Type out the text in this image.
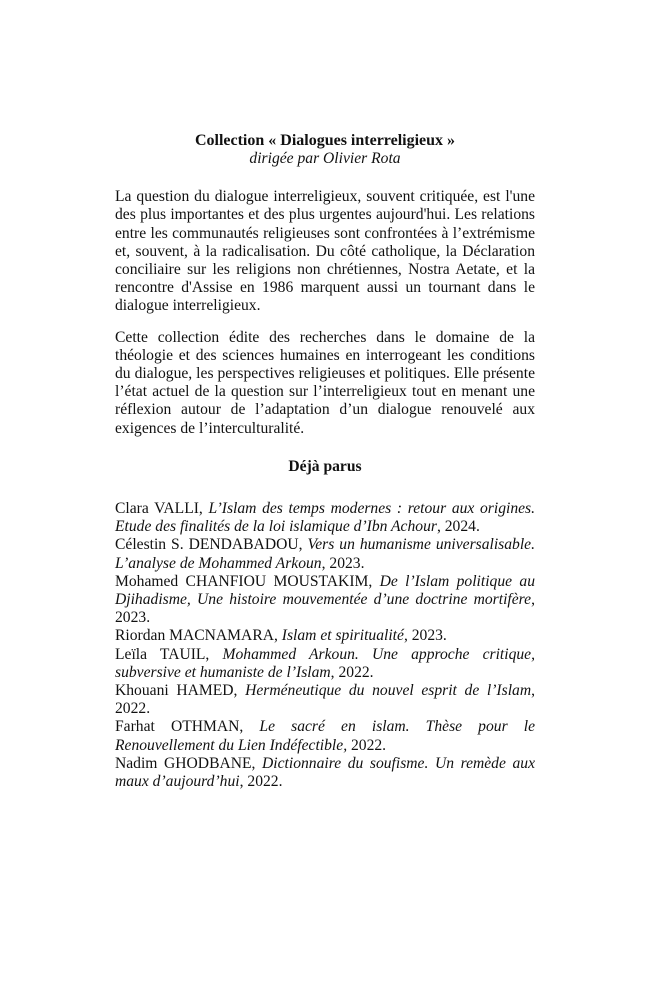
Collection « Dialogues interreligieux »

dirigée par Olivier Rota

La question du dialogue interreligieux, souvent critiquée, est l'une des plus importantes et des plus urgentes aujourd'hui. Les relations entre les communautés religieuses sont confrontées à l’extrémisme et, souvent, à la radicalisation. Du côté catholique, la Déclaration conciliaire sur les religions non chrétiennes, Nostra Aetate, et la rencontre d'Assise en 1986 marquent aussi un tournant dans le dialogue interreligieux.

Cette collection édite des recherches dans le domaine de la théologie et des sciences humaines en interrogeant les conditions du dialogue, les perspectives religieuses et politiques. Elle présente l’état actuel de la question sur l’interreligieux tout en menant une réflexion autour de l’adaptation d’un dialogue renouvelé aux exigences de l’interculturalité.

Déjà parus

Clara VALLI, L’Islam des temps modernes : retour aux origines. Etude des finalités de la loi islamique d’Ibn Achour, 2024.
Célestin S. DENDABADOU, Vers un humanisme universalisable. L’analyse de Mohammed Arkoun, 2023.
Mohamed CHANFIOU MOUSTAKIM, De l’Islam politique au Djihadisme, Une histoire mouvementée d’une doctrine mortifère, 2023.
Riordan MACNAMARA, Islam et spiritualité, 2023.
Leïla TAUIL, Mohammed Arkoun. Une approche critique, subversive et humaniste de l’Islam, 2022.
Khouani HAMED, Herméneutique du nouvel esprit de l’Islam, 2022.
Farhat OTHMAN, Le sacré en islam. Thèse pour le Renouvellement du Lien Indéfectible, 2022.
Nadim GHODBANE, Dictionnaire du soufisme. Un remède aux maux d’aujourd’hui, 2022.
